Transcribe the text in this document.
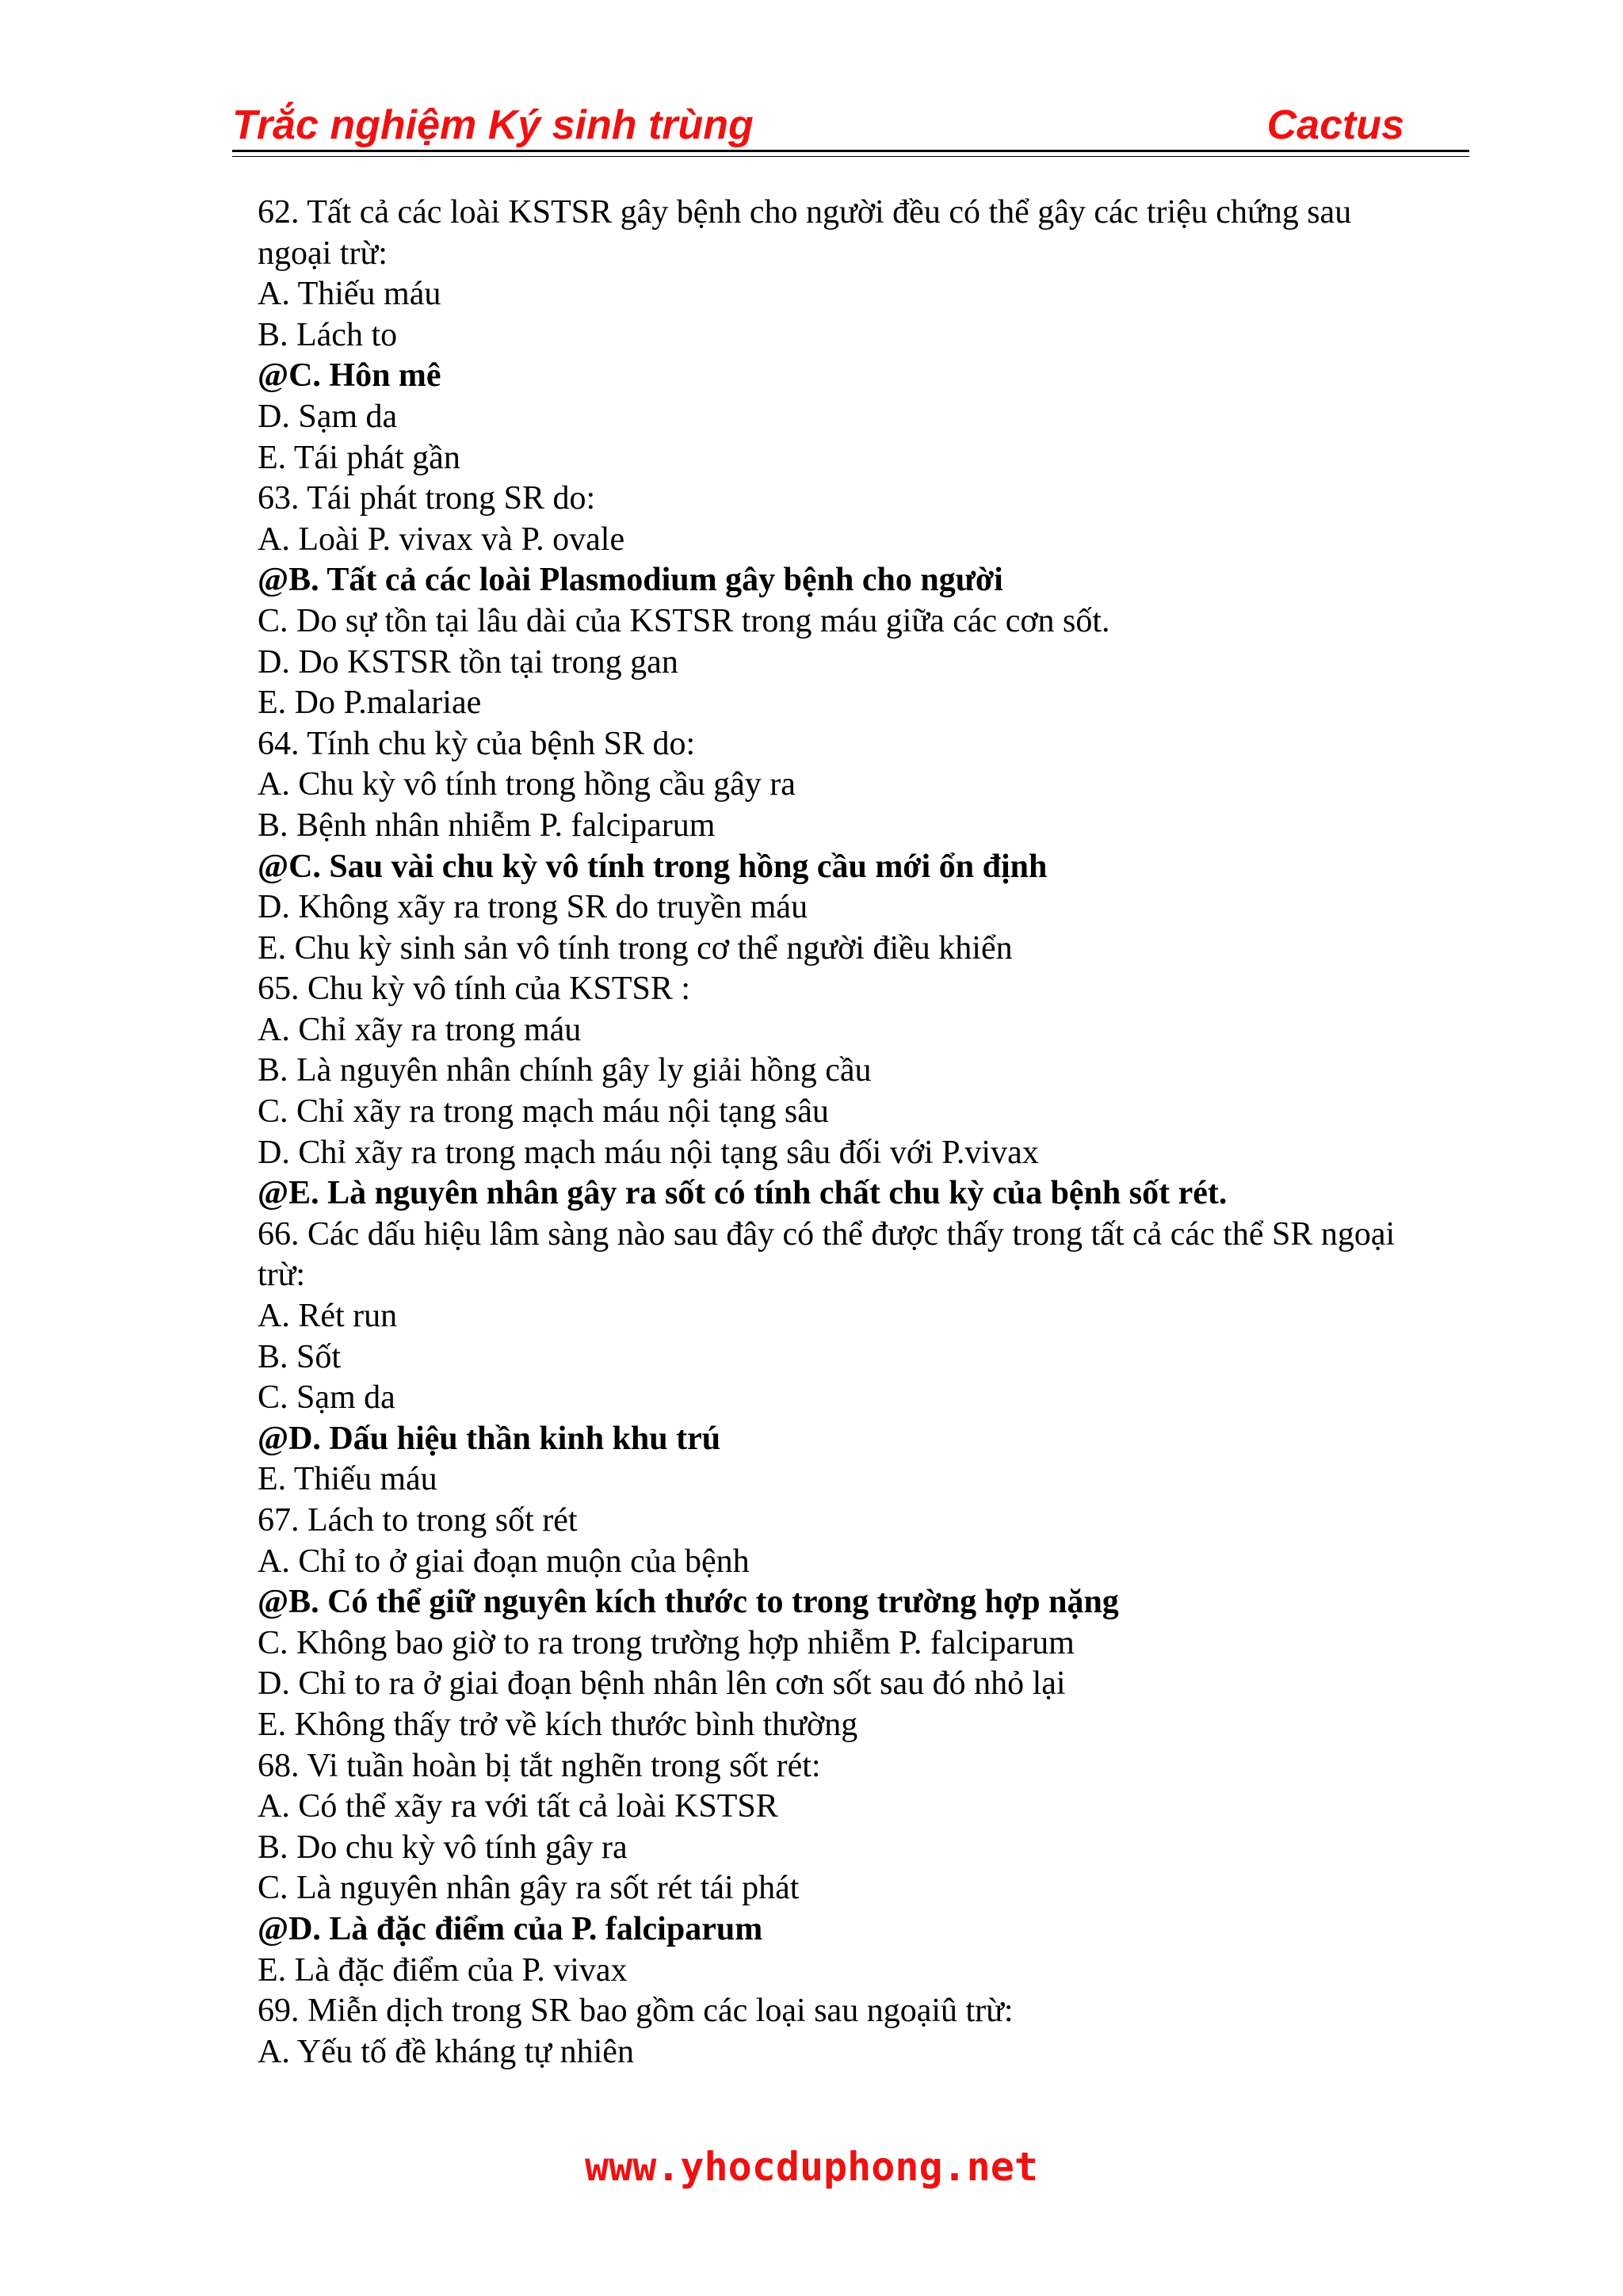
Trắc nghiệm Ký sinh trùng	Cactus
62. Tất cả các loài KSTSR gây bệnh cho người đều có thể gây các triệu chứng sau
ngoại trừ:
A. Thiếu máu
B. Lách to
@C. Hôn mê
D. Sạm da
E. Tái phát gần
63. Tái phát trong SR do:
A. Loài P. vivax và P. ovale
@B. Tất cả các loài Plasmodium gây bệnh cho người
C. Do sự tồn tại lâu dài của KSTSR trong máu giữa các cơn sốt.
D. Do KSTSR tồn tại trong gan
E. Do P.malariae
64. Tính chu kỳ của bệnh SR do:
A. Chu kỳ vô tính trong hồng cầu gây ra
B. Bệnh nhân nhiễm P. falciparum
@C. Sau vài chu kỳ vô tính trong hồng cầu mới ổn định
D. Không xãy ra trong SR do truyền máu
E. Chu kỳ sinh sản vô tính trong cơ thể người điều khiển
65. Chu kỳ vô tính của KSTSR :
A. Chỉ xãy ra trong máu
B. Là nguyên nhân chính gây ly giải hồng cầu
C. Chỉ xãy ra trong mạch máu nội tạng sâu
D. Chỉ xãy ra trong mạch máu nội tạng sâu đối với P.vivax
@E. Là nguyên nhân gây ra sốt có tính chất chu kỳ của bệnh sốt rét.
66. Các dấu hiệu lâm sàng nào sau đây có thể được thấy trong tất cả các thể SR ngoại
trừ:
A. Rét run
B. Sốt
C. Sạm da
@D. Dấu hiệu thần kinh khu trú
E. Thiếu máu
67. Lách to trong sốt rét
A. Chỉ to ở giai đoạn muộn của bệnh
@B. Có thể giữ nguyên kích thước to trong trường hợp nặng
C. Không bao giờ to ra trong trường hợp nhiễm P. falciparum
D. Chỉ to ra ở giai đoạn bệnh nhân lên cơn sốt sau đó nhỏ lại
E. Không thấy trở về kích thước bình thường
68. Vi tuần hoàn bị tắt nghẽn trong sốt rét:
A. Có thể xãy ra với tất cả loài KSTSR
B. Do chu kỳ vô tính gây ra
C. Là nguyên nhân gây ra sốt rét tái phát
@D. Là đặc điểm của P. falciparum
E. Là đặc điểm của P. vivax
69. Miễn dịch trong SR bao gồm các loại sau ngoạiû trừ:
A. Yếu tố đề kháng tự nhiên
www.yhocduphong.net
